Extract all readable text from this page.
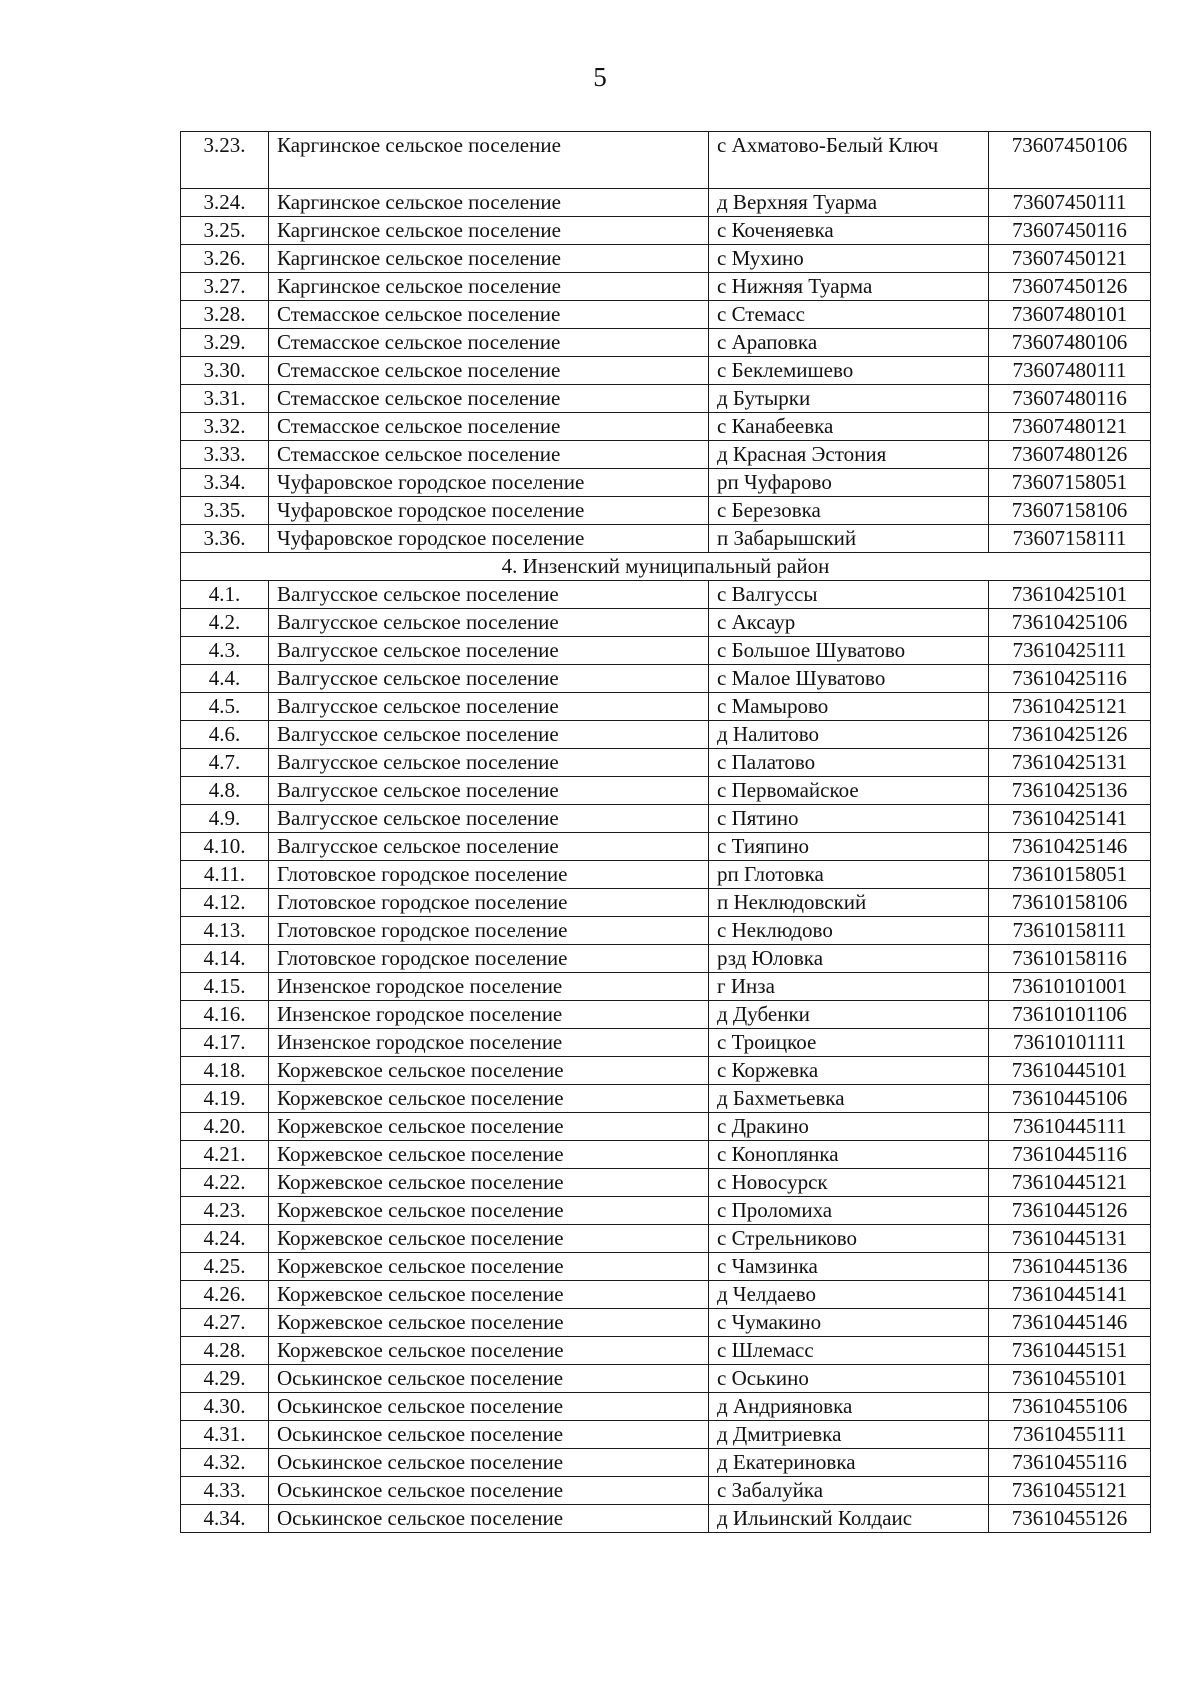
5
3.23.	Каргинское сельское поселение	с Ахматово-Белый Ключ	73607450106
3.24.	Каргинское сельское поселение	д Верхняя Туарма	73607450111
3.25.	Каргинское сельское поселение	с Коченяевка	73607450116
3.26.	Каргинское сельское поселение	с Мухино	73607450121
3.27.	Каргинское сельское поселение	с Нижняя Туарма	73607450126
3.28.	Стемасское сельское поселение	с Стемасс	73607480101
3.29.	Стемасское сельское поселение	с Араповка	73607480106
3.30.	Стемасское сельское поселение	с Беклемишево	73607480111
3.31.	Стемасское сельское поселение	д Бутырки	73607480116
3.32.	Стемасское сельское поселение	с Канабеевка	73607480121
3.33.	Стемасское сельское поселение	д Красная Эстония	73607480126
3.34.	Чуфаровское городское поселение	рп Чуфарово	73607158051
3.35.	Чуфаровское городское поселение	с Березовка	73607158106
3.36.	Чуфаровское городское поселение	п Забарышский	73607158111
4. Инзенский муниципальный район			
4.1.	Валгусское сельское поселение	с Валгуссы	73610425101
4.2.	Валгусское сельское поселение	с Аксаур	73610425106
4.3.	Валгусское сельское поселение	с Большое Шуватово	73610425111
4.4.	Валгусское сельское поселение	с Малое Шуватово	73610425116
4.5.	Валгусское сельское поселение	с Мамырово	73610425121
4.6.	Валгусское сельское поселение	д Налитово	73610425126
4.7.	Валгусское сельское поселение	с Палатово	73610425131
4.8.	Валгусское сельское поселение	с Первомайское	73610425136
4.9.	Валгусское сельское поселение	с Пятино	73610425141
4.10.	Валгусское сельское поселение	с Тияпино	73610425146
4.11.	Глотовское городское поселение	рп Глотовка	73610158051
4.12.	Глотовское городское поселение	п Неклюдовский	73610158106
4.13.	Глотовское городское поселение	с Неклюдово	73610158111
4.14.	Глотовское городское поселение	рзд Юловка	73610158116
4.15.	Инзенское городское поселение	г Инза	73610101001
4.16.	Инзенское городское поселение	д Дубенки	73610101106
4.17.	Инзенское городское поселение	с Троицкое	73610101111
4.18.	Коржевское сельское поселение	с Коржевка	73610445101
4.19.	Коржевское сельское поселение	д Бахметьевка	73610445106
4.20.	Коржевское сельское поселение	с Дракино	73610445111
4.21.	Коржевское сельское поселение	с Коноплянка	73610445116
4.22.	Коржевское сельское поселение	с Новосурск	73610445121
4.23.	Коржевское сельское поселение	с Проломиха	73610445126
4.24.	Коржевское сельское поселение	с Стрельниково	73610445131
4.25.	Коржевское сельское поселение	с Чамзинка	73610445136
4.26.	Коржевское сельское поселение	д Челдаево	73610445141
4.27.	Коржевское сельское поселение	с Чумакино	73610445146
4.28.	Коржевское сельское поселение	с Шлемасс	73610445151
4.29.	Оськинское сельское поселение	с Оськино	73610455101
4.30.	Оськинское сельское поселение	д Андрияновка	73610455106
4.31.	Оськинское сельское поселение	д Дмитриевка	73610455111
4.32.	Оськинское сельское поселение	д Екатериновка	73610455116
4.33.	Оськинское сельское поселение	с Забалуйка	73610455121
4.34.	Оськинское сельское поселение	д Ильинский Колдаис	73610455126
